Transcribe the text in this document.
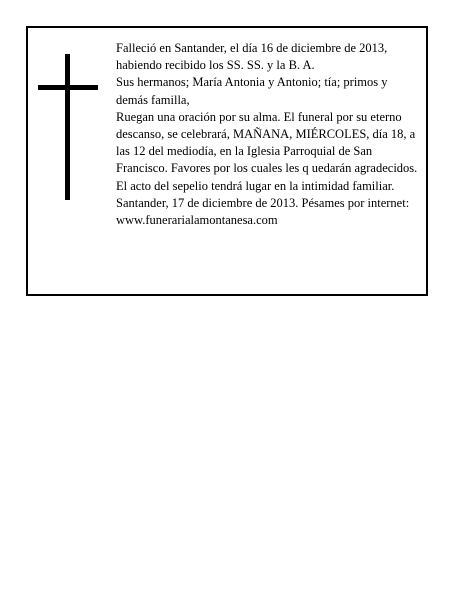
Falleció en Santander, el día 16 de diciembre de 2013, habiendo recibido los SS. SS. y la B. A.

Sus hermanos; María Antonia y Antonio; tía; primos y demás familla,

Ruegan una oración por su alma. El funeral por su eterno descanso, se celebrará, MAÑANA, MIÉRCOLES, día 18, a las 12 del mediodía, en la Iglesia Parroquial de San Francisco. Favores por los cuales les q uedarán agradecidos. El acto del sepelio tendrá lugar en la intimidad familiar.

Santander, 17 de diciembre de 2013. Pésames por internet: www.funerarialamontanesa.com
